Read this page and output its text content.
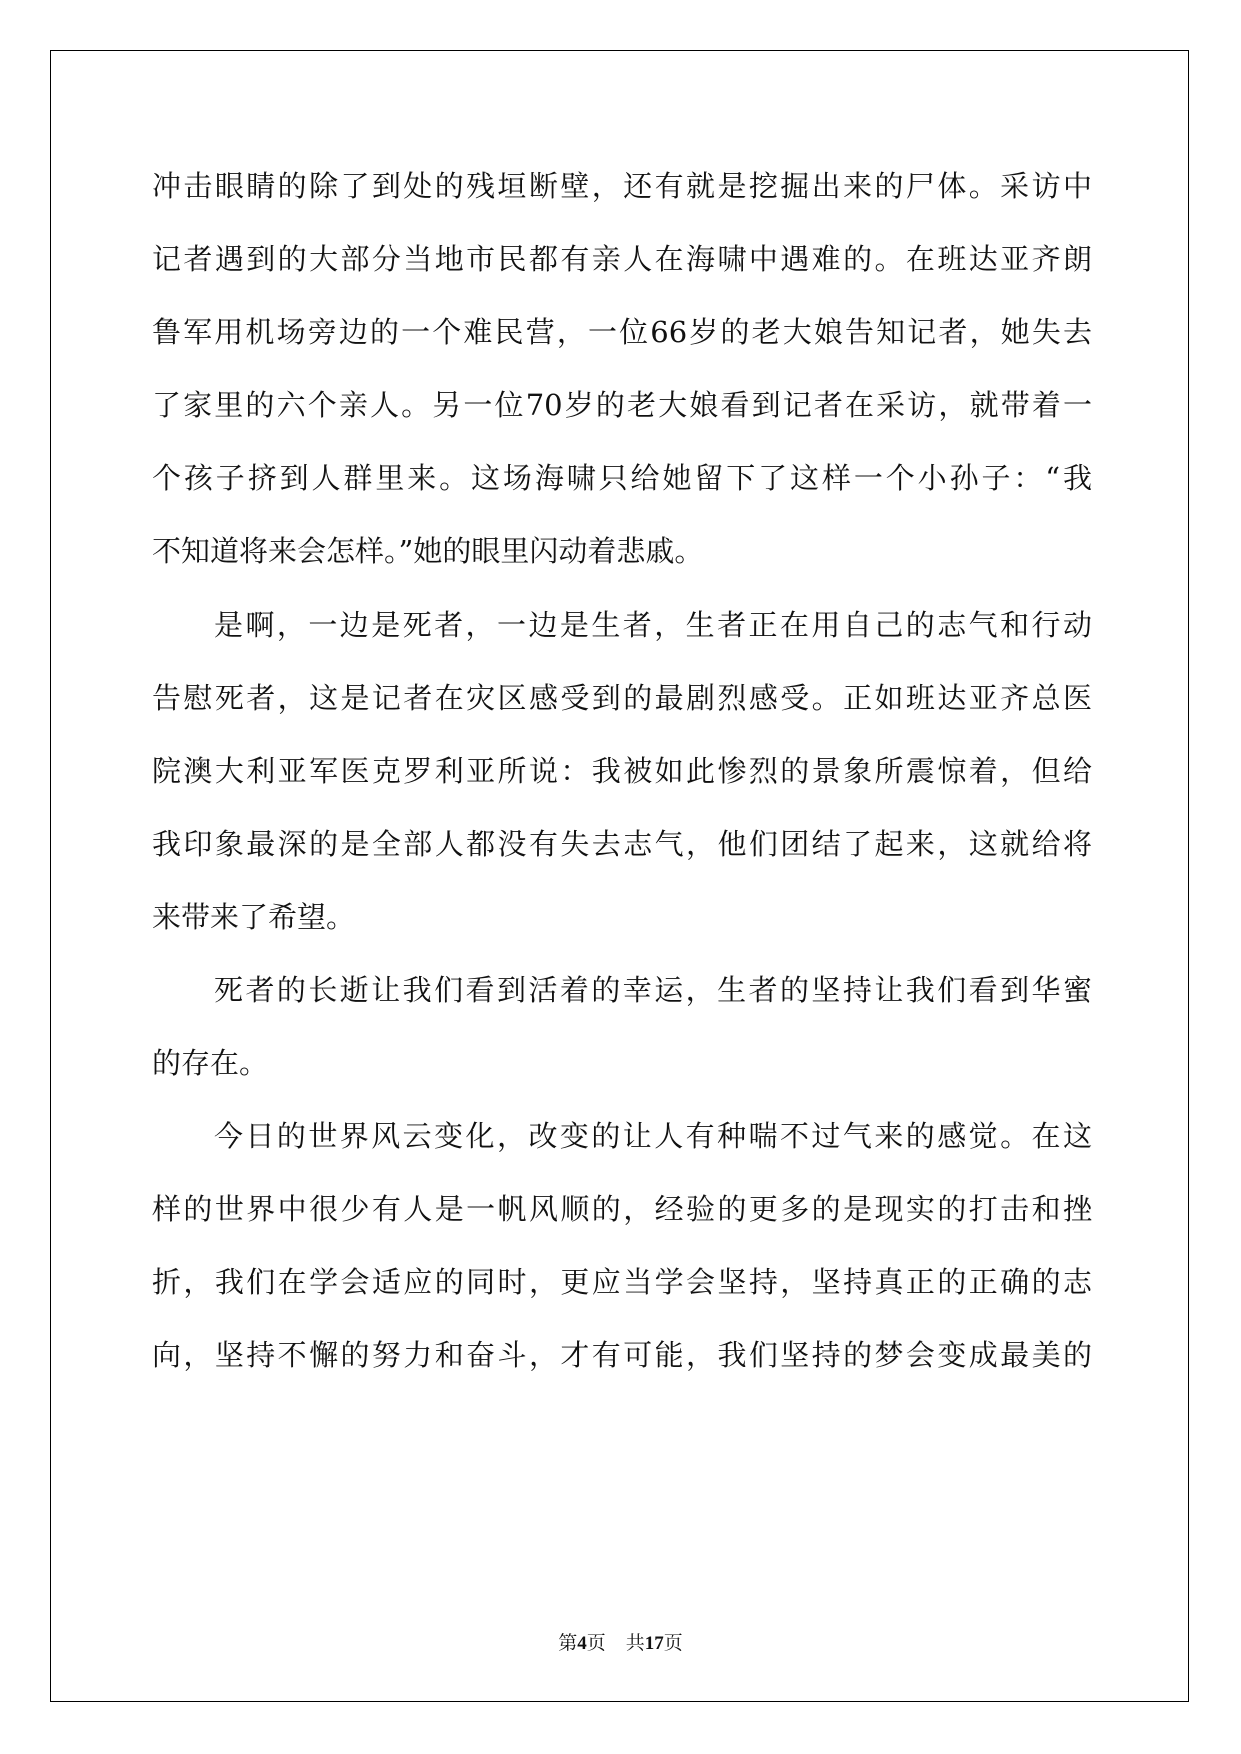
冲击眼睛的除了到处的残垣断壁，还有就是挖掘出来的尸体。采访中
记者遇到的大部分当地市民都有亲人在海啸中遇难的。在班达亚齐朗
鲁军用机场旁边的一个难民营，一位66岁的老大娘告知记者，她失去
了家里的六个亲人。另一位70岁的老大娘看到记者在采访，就带着一
个孩子挤到人群里来。这场海啸只给她留下了这样一个小孙子：“我
不知道将来会怎样。”她的眼里闪动着悲戚。
是啊，一边是死者，一边是生者，生者正在用自己的志气和行动
告慰死者，这是记者在灾区感受到的最剧烈感受。正如班达亚齐总医
院澳大利亚军医克罗利亚所说：我被如此惨烈的景象所震惊着，但给
我印象最深的是全部人都没有失去志气，他们团结了起来，这就给将
来带来了希望。
死者的长逝让我们看到活着的幸运，生者的坚持让我们看到华蜜
的存在。
今日的世界风云变化，改变的让人有种喘不过气来的感觉。在这
样的世界中很少有人是一帆风顺的，经验的更多的是现实的打击和挫
折，我们在学会适应的同时，更应当学会坚持，坚持真正的正确的志
向，坚持不懈的努力和奋斗，才有可能，我们坚持的梦会变成最美的
第4页 共17页
